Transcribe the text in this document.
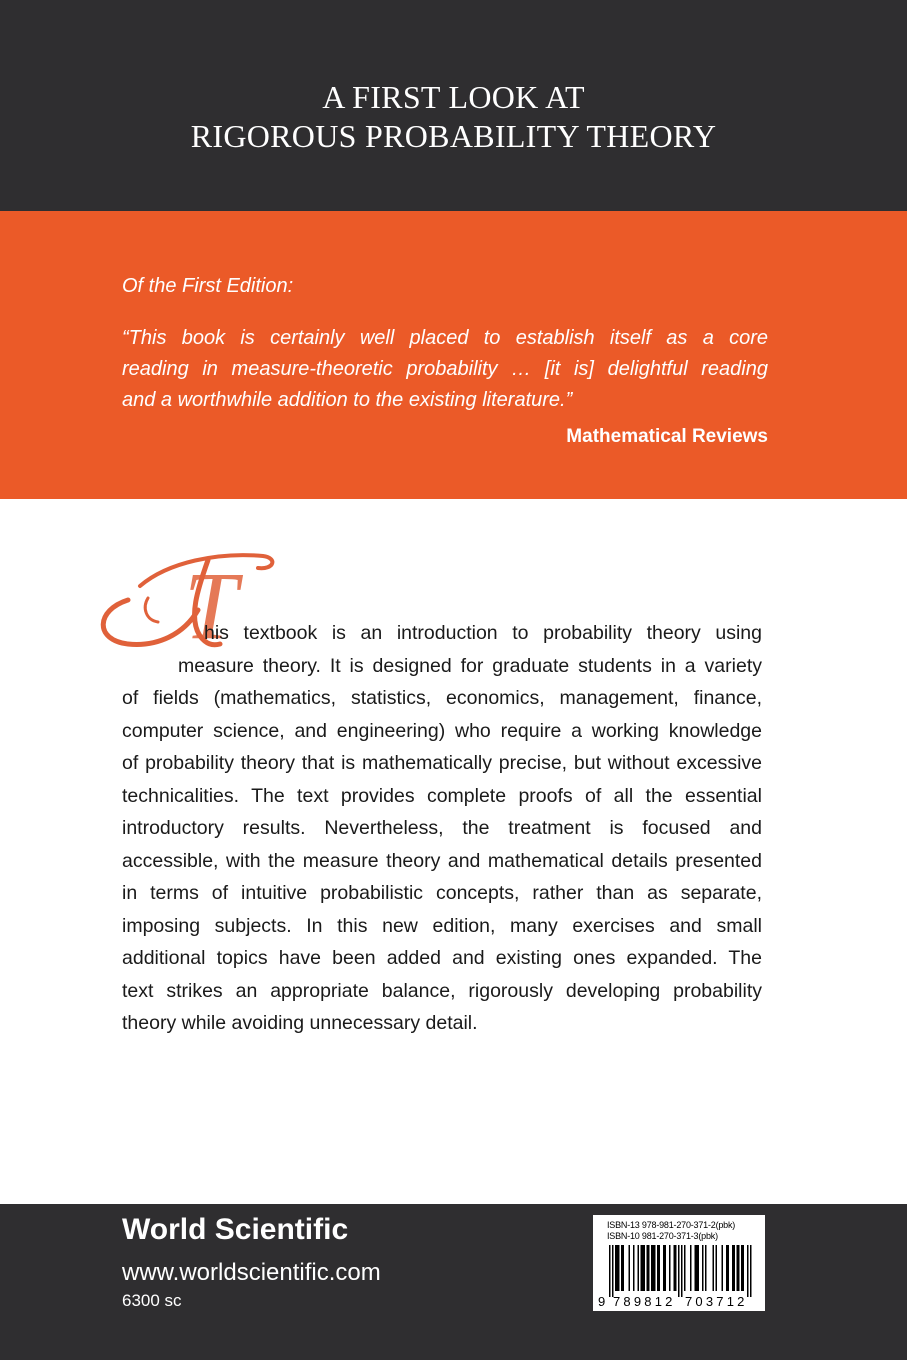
A FIRST LOOK AT
RIGOROUS PROBABILITY THEORY
Of the First Edition:
“This book is certainly well placed to establish itself as a core
reading in measure-theoretic probability … [it is] delightful reading
and a worthwhile addition to the existing literature.”
Mathematical Reviews
T
his textbook is an introduction to probability theory using
measure theory. It is designed for graduate students in a variety
of fields (mathematics, statistics, economics, management, finance,
computer science, and engineering) who require a working knowledge
of probability theory that is mathematically precise, but without excessive
technicalities. The text provides complete proofs of all the essential
introductory results. Nevertheless, the treatment is focused and
accessible, with the measure theory and mathematical details presented
in terms of intuitive probabilistic concepts, rather than as separate,
imposing subjects. In this new edition, many exercises and small
additional topics have been added and existing ones expanded. The
text strikes an appropriate balance, rigorously developing probability
theory while avoiding unnecessary detail.
World Scientific
www.worldscientific.com
6300 sc
ISBN-13 978-981-270-371-2(pbk)
ISBN-10 981-270-371-3(pbk)
9 789812 703712
